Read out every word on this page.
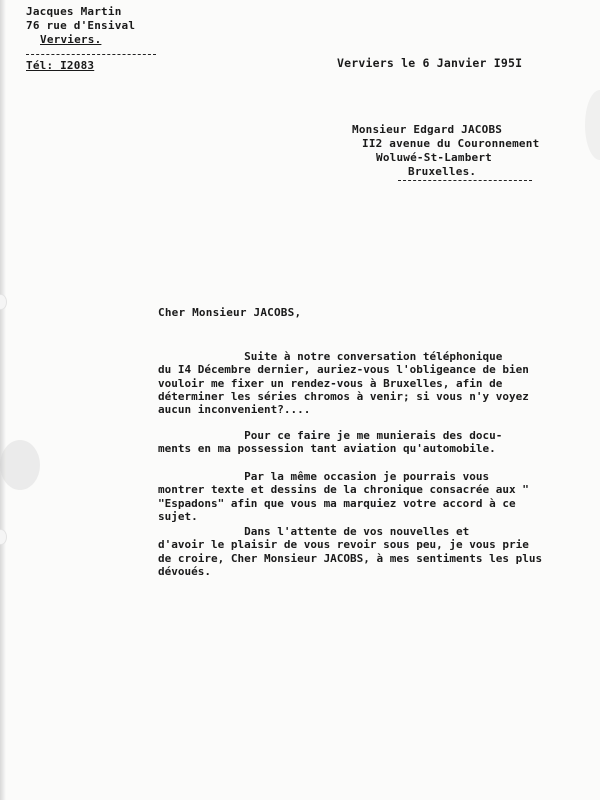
Jacques Martin
76 rue d'Ensival
Verviers.
Tél: I2083	Verviers le 6 Janvier I95I
Monsieur Edgard JACOBS
II2 avenue du Couronnement
Woluwé-St-Lambert
Bruxelles.
Cher Monsieur JACOBS,

Suite à notre conversation téléphonique

du I4 Décembre dernier, auriez-vous l'obligeance de bien

vouloir me fixer un rendez-vous à Bruxelles, afin de

déterminer les séries chromos à venir; si vous n'y voyez

aucun inconvenient?....

Pour ce faire je me munierais des docu-

ments en ma possession tant aviation qu'automobile.

Par la même occasion je pourrais vous

montrer texte et dessins de la chronique consacrée aux "

"Espadons" afin que vous ma marquiez votre accord à ce

sujet.

Dans l'attente de vos nouvelles et

d'avoir le plaisir de vous revoir sous peu, je vous prie

de croire, Cher Monsieur JACOBS, à mes sentiments les plus

dévoués.
